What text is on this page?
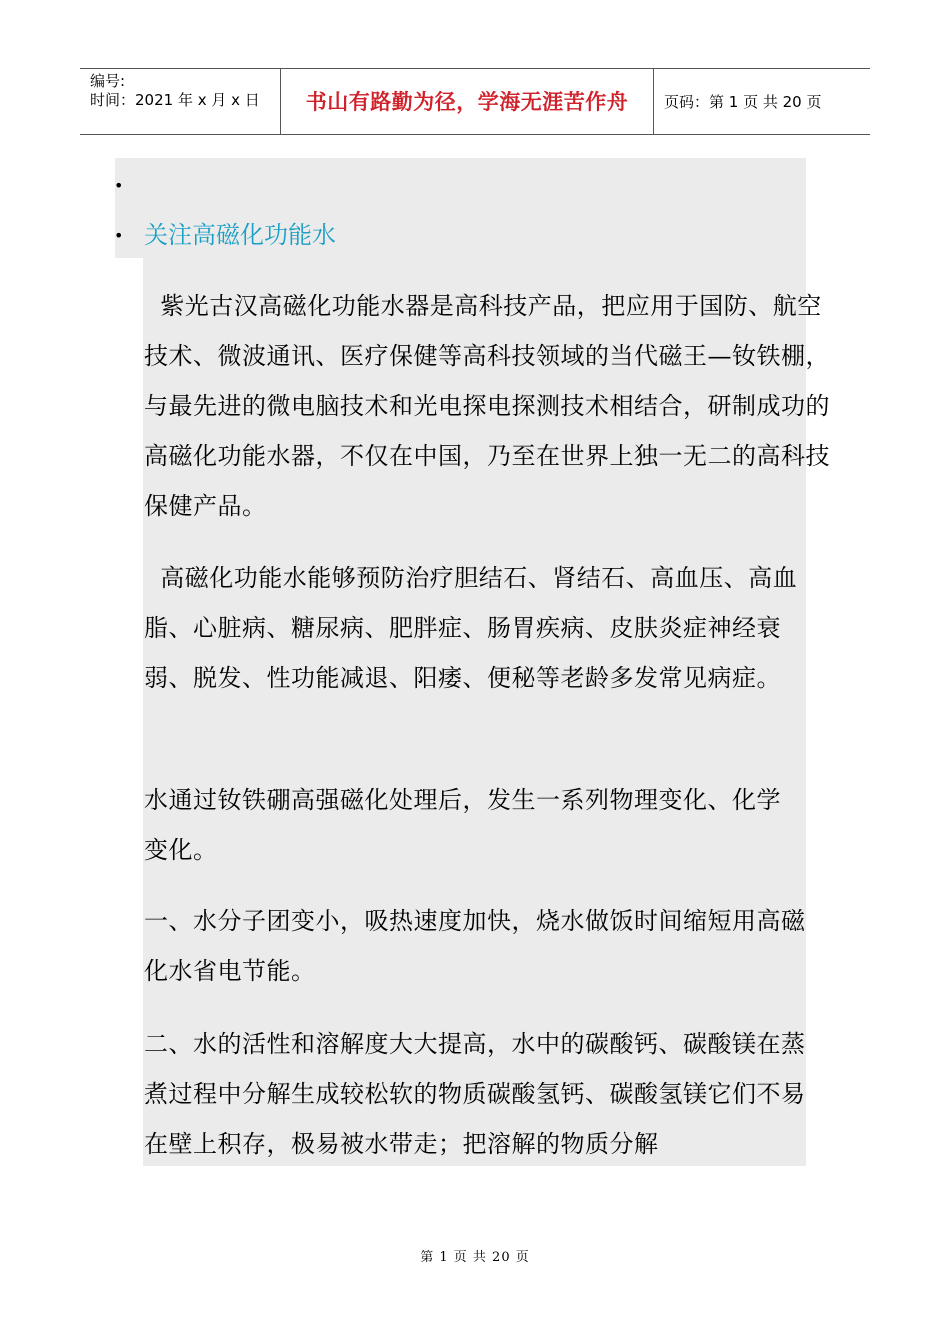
编号:
时间：2021 年 x 月 x 日	书山有路勤为径，学海无涯苦作舟	页码：第 1 页 共 20 页
•
• 关注高磁化功能水

紫光古汉高磁化功能水器是高科技产品，把应用于国防、航空技术、微波通讯、医疗保健等高科技领域的当代磁王—钕铁棚，与最先进的微电脑技术和光电探电探测技术相结合，研制成功的高磁化功能水器，不仅在中国，乃至在世界上独一无二的高科技保健产品。

高磁化功能水能够预防治疗胆结石、肾结石、高血压、高血脂、心脏病、糖尿病、肥胖症、肠胃疾病、皮肤炎症神经衰弱、脱发、性功能减退、阳痿、便秘等老龄多发常见病症。

水通过钕铁硼高强磁化处理后，发生一系列物理变化、化学变化。

一、水分子团变小，吸热速度加快，烧水做饭时间缩短用高磁化水省电节能。

二、水的活性和溶解度大大提高，水中的碳酸钙、碳酸镁在蒸煮过程中分解生成较松软的物质碳酸氢钙、碳酸氢镁它们不易在壁上积存，极易被水带走；把溶解的物质分解

第 1 页 共 20 页
